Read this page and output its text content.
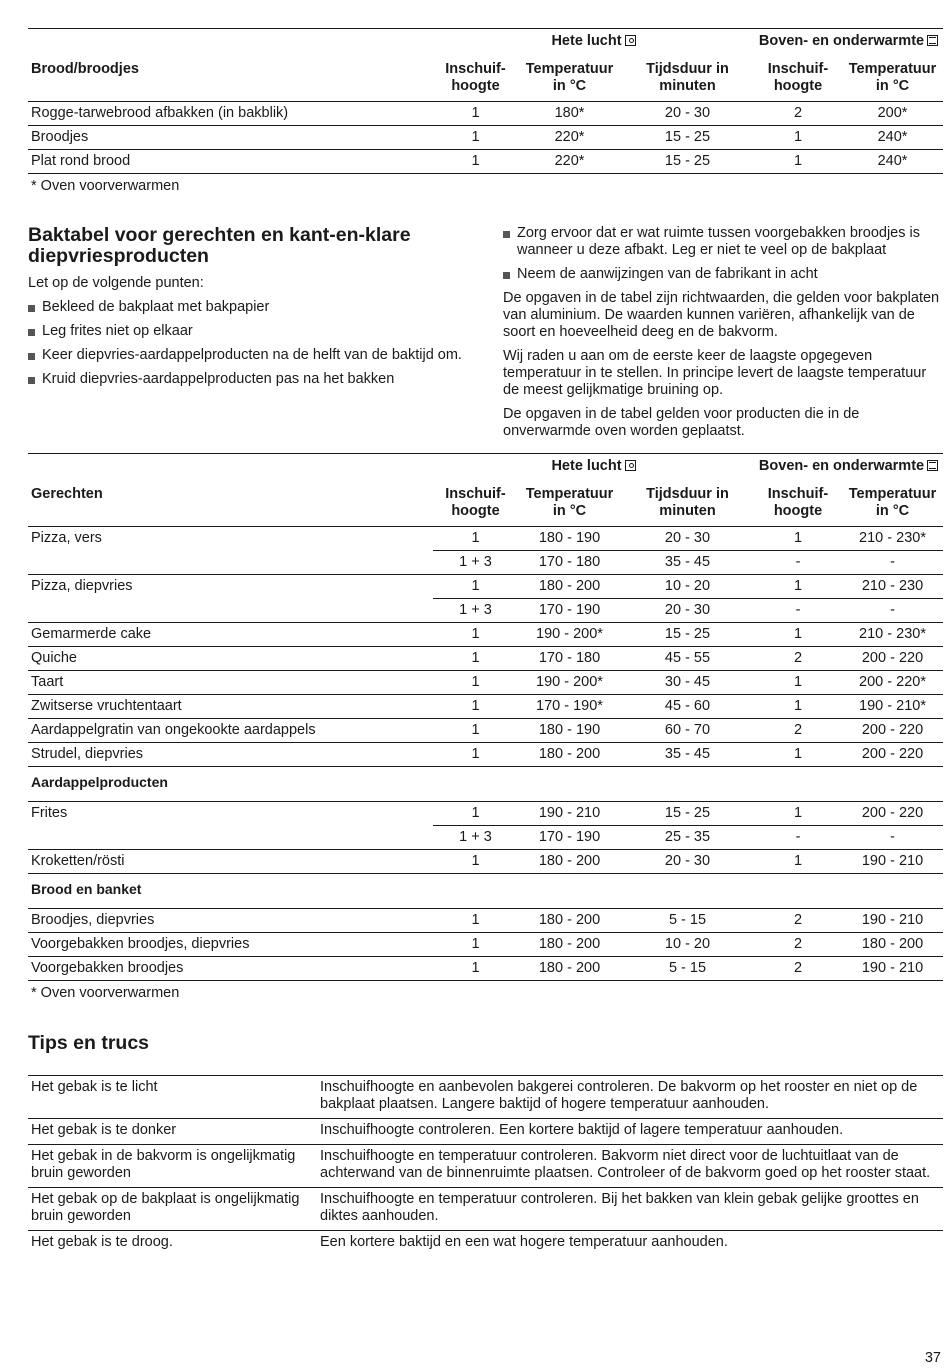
	Hete lucht			Boven- en onderwarmte	
Brood/broodjes	Inschuif-hoogte	Temperatuur in °C	Tijdsduur in minuten	Inschuif-hoogte	Temperatuur in °C
Rogge-tarwebrood afbakken (in bakblik)	1	180*	20 - 30	2	200*
Broodjes	1	220*	15 - 25	1	240*
Plat rond brood	1	220*	15 - 25	1	240*
* Oven voorverwarmen
Baktabel voor gerechten en kant-en-klare diepvriesproducten
Let op de volgende punten:
Bekleed de bakplaat met bakpapier
Leg frites niet op elkaar
Keer diepvries-aardappelproducten na de helft van de baktijd om.
Kruid diepvries-aardappelproducten pas na het bakken
Zorg ervoor dat er wat ruimte tussen voorgebakken broodjes is wanneer u deze afbakt. Leg er niet te veel op de bakplaat
Neem de aanwijzingen van de fabrikant in acht

De opgaven in de tabel zijn richtwaarden, die gelden voor bakplaten van aluminium. De waarden kunnen variëren, afhankelijk van de soort en hoeveelheid deeg en de bakvorm.

Wij raden u aan om de eerste keer de laagste opgegeven temperatuur in te stellen. In principe levert de laagste temperatuur de meest gelijkmatige bruining op.

De opgaven in de tabel gelden voor producten die in de onverwarmde oven worden geplaatst.

	Hete lucht			Boven- en onderwarmte	
Gerechten	Inschuif-hoogte	Temperatuur in °C	Tijdsduur in minuten	Inschuif-hoogte	Temperatuur in °C
Pizza, vers	1	180 - 190	20 - 30	1	210 - 230*
	1 + 3	170 - 180	35 - 45	-	-
Pizza, diepvries	1	180 - 200	10 - 20	1	210 - 230
	1 + 3	170 - 190	20 - 30	-	-
Gemarmerde cake	1	190 - 200*	15 - 25	1	210 - 230*
Quiche	1	170 - 180	45 - 55	2	200 - 220
Taart	1	190 - 200*	30 - 45	1	200 - 220*
Zwitserse vruchtentaart	1	170 - 190*	45 - 60	1	190 - 210*
Aardappelgratin van ongekookte aardappels	1	180 - 190	60 - 70	2	200 - 220
Strudel, diepvries	1	180 - 200	35 - 45	1	200 - 220
Aardappelproducten					
Frites	1	190 - 210	15 - 25	1	200 - 220
	1 + 3	170 - 190	25 - 35	-	-
Kroketten/rösti	1	180 - 200	20 - 30	1	190 - 210
Brood en banket					
Broodjes, diepvries	1	180 - 200	5 - 15	2	190 - 210
Voorgebakken broodjes, diepvries	1	180 - 200	10 - 20	2	180 - 200
Voorgebakken broodjes	1	180 - 200	5 - 15	2	190 - 210
* Oven voorverwarmen
Tips en trucs
Het gebak is te licht	Inschuifhoogte en aanbevolen bakgerei controleren. De bakvorm op het rooster en niet op de bakplaat plaatsen. Langere baktijd of hogere temperatuur aanhouden.
Het gebak is te donker	Inschuifhoogte controleren. Een kortere baktijd of lagere temperatuur aanhouden.
Het gebak in de bakvorm is ongelijkmatig bruin geworden	Inschuifhoogte en temperatuur controleren. Bakvorm niet direct voor de luchtuitlaat van de achterwand van de binnenruimte plaatsen. Controleer of de bakvorm goed op het rooster staat.
Het gebak op de bakplaat is ongelijkmatig bruin geworden	Inschuifhoogte en temperatuur controleren. Bij het bakken van klein gebak gelijke groottes en diktes aanhouden.
Het gebak is te droog.	Een kortere baktijd en een wat hogere temperatuur aanhouden.
37
